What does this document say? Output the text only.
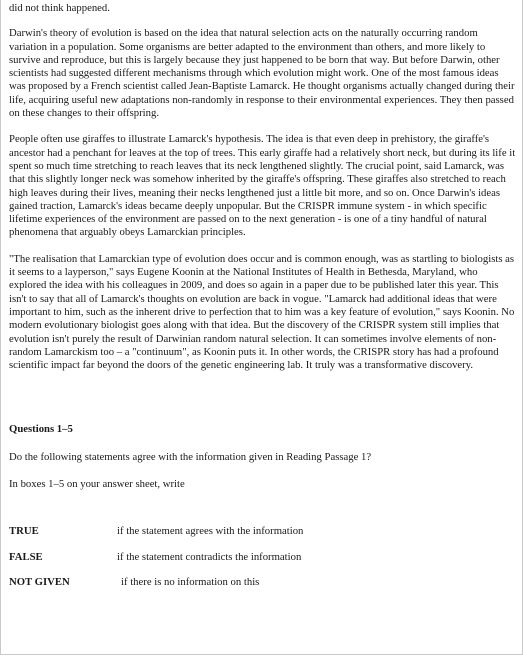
did not think happened.

Darwin's theory of evolution is based on the idea that natural selection acts on the naturally occurring random variation in a population. Some organisms are better adapted to the environment than others, and more likely to survive and reproduce, but this is largely because they just happened to be born that way. But before Darwin, other scientists had suggested different mechanisms through which evolution might work. One of the most famous ideas was proposed by a French scientist called Jean-Baptiste Lamarck. He thought organisms actually changed during their life, acquiring useful new adaptations non-randomly in response to their environmental experiences. They then passed on these changes to their offspring.

People often use giraffes to illustrate Lamarck's hypothesis. The idea is that even deep in prehistory, the giraffe's ancestor had a penchant for leaves at the top of trees. This early giraffe had a relatively short neck, but during its life it spent so much time stretching to reach leaves that its neck lengthened slightly. The crucial point, said Lamarck, was that this slightly longer neck was somehow inherited by the giraffe's offspring. These giraffes also stretched to reach high leaves during their lives, meaning their necks lengthened just a little bit more, and so on. Once Darwin's ideas gained traction, Lamarck's ideas became deeply unpopular. But the CRISPR immune system - in which specific lifetime experiences of the environment are passed on to the next generation - is one of a tiny handful of natural phenomena that arguably obeys Lamarckian principles.

"The realisation that Lamarckian type of evolution does occur and is common enough, was as startling to biologists as it seems to a layperson," says Eugene Koonin at the National Institutes of Health in Bethesda, Maryland, who explored the idea with his colleagues in 2009, and does so again in a paper due to be published later this year. This isn't to say that all of Lamarck's thoughts on evolution are back in vogue. "Lamarck had additional ideas that were important to him, such as the inherent drive to perfection that to him was a key feature of evolution," says Koonin. No modern evolutionary biologist goes along with that idea. But the discovery of the CRISPR system still implies that evolution isn't purely the result of Darwinian random natural selection. It can sometimes involve elements of non-random Lamarckism too – a "continuum", as Koonin puts it. In other words, the CRISPR story has had a profound scientific impact far beyond the doors of the genetic engineering lab. It truly was a transformative discovery.

Questions 1–5

Do the following statements agree with the information given in Reading Passage 1?

In boxes 1–5 on your answer sheet, write

TRUE	if the statement agrees with the information
FALSE	if the statement contradicts the information
NOT GIVEN	if there is no information on this
